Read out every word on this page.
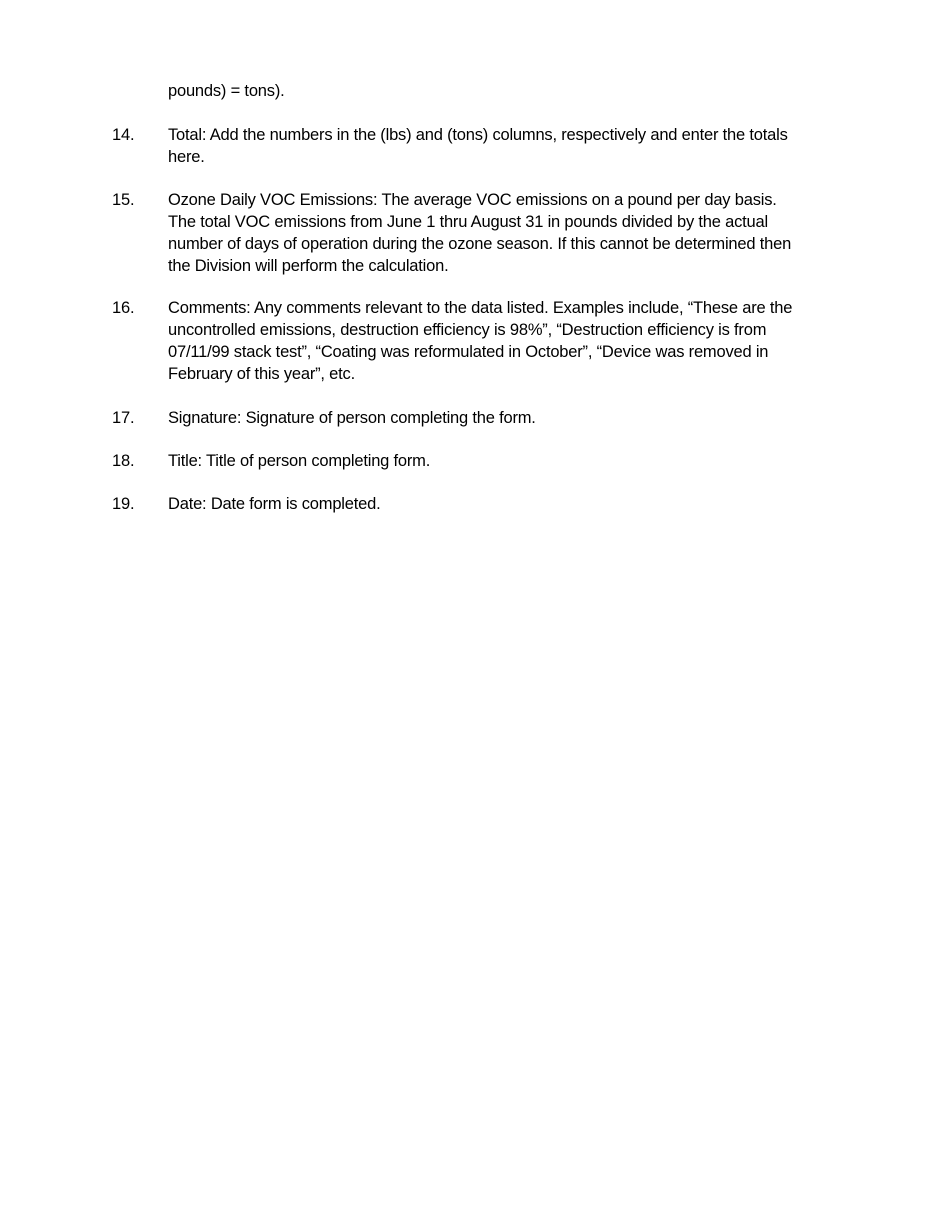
pounds) = tons).
14.	Total: Add the numbers in the (lbs) and (tons) columns, respectively and enter the totals
here.
15.	Ozone Daily VOC Emissions: The average VOC emissions on a pound per day basis.
The total VOC emissions from June 1 thru August 31 in pounds divided by the actual
number of days of operation during the ozone season. If this cannot be determined then
the Division will perform the calculation.
16.	Comments: Any comments relevant to the data listed. Examples include, “These are the
uncontrolled emissions, destruction efficiency is 98%”, “Destruction efficiency is from
07/11/99 stack test”, “Coating was reformulated in October”, “Device was removed in
February of this year”, etc.
17.	Signature: Signature of person completing the form.
18.	Title: Title of person completing form.
19.	Date: Date form is completed.
